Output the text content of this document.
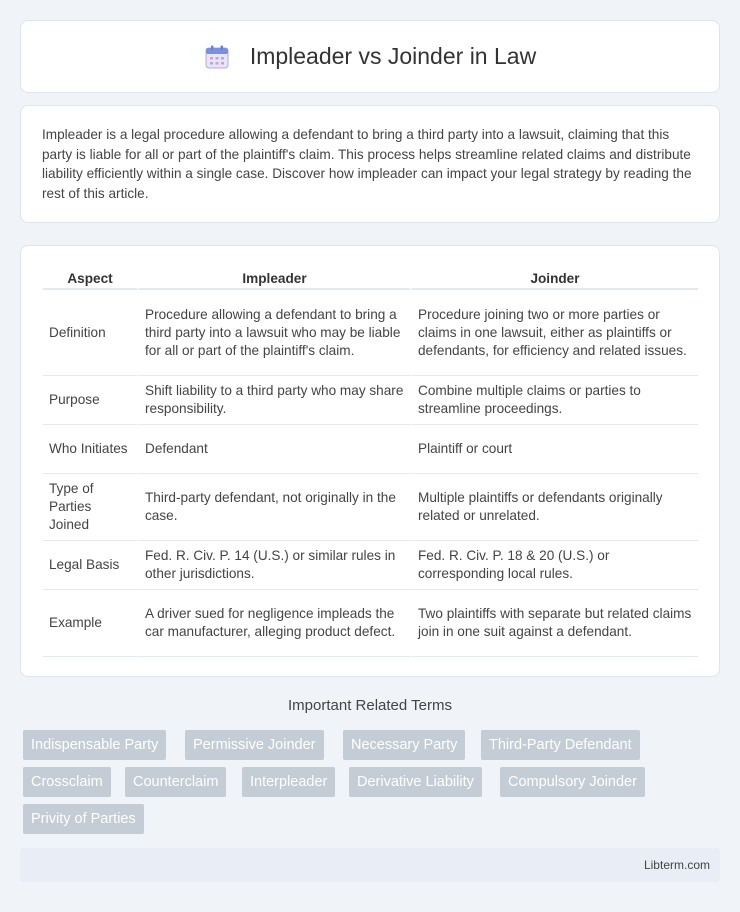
Impleader vs Joinder in Law

Impleader is a legal procedure allowing a defendant to bring a third party into a lawsuit, claiming that this party is liable for all or part of the plaintiff's claim. This process helps streamline related claims and distribute liability efficiently within a single case. Discover how impleader can impact your legal strategy by reading the rest of this article.

Aspect	Impleader	Joinder
Definition	Procedure allowing a defendant to bring a third party into a lawsuit who may be liable for all or part of the plaintiff's claim.	Procedure joining two or more parties or claims in one lawsuit, either as plaintiffs or defendants, for efficiency and related issues.
Purpose	Shift liability to a third party who may share responsibility.	Combine multiple claims or parties to streamline proceedings.
Who Initiates	Defendant	Plaintiff or court
Type of Parties Joined	Third-party defendant, not originally in the case.	Multiple plaintiffs or defendants originally related or unrelated.
Legal Basis	Fed. R. Civ. P. 14 (U.S.) or similar rules in other jurisdictions.	Fed. R. Civ. P. 18 & 20 (U.S.) or corresponding local rules.
Example	A driver sued for negligence impleads the car manufacturer, alleging product defect.	Two plaintiffs with separate but related claims join in one suit against a defendant.
Important Related Terms
Indispensable Party	Permissive Joinder	Necessary Party	Third-Party Defendant
Crossclaim	Counterclaim	Interpleader	Derivative Liability	Compulsory Joinder
Privity of Parties
Libterm.com
